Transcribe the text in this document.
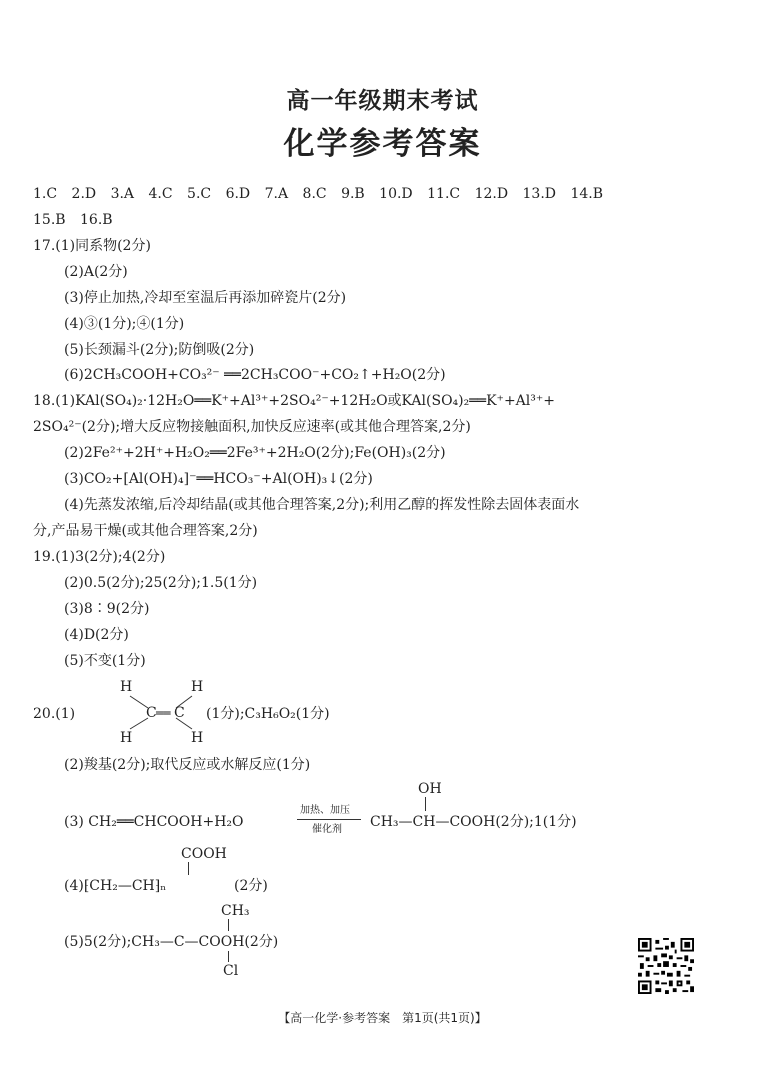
高一年级期末考试
化学参考答案
1.C 2.D 3.A 4.C 5.C 6.D 7.A 8.C 9.B 10.D 11.C 12.D 13.D 14.B
15.B 16.B
17.(1)同系物(2分)
(2)A(2分)
(3)停止加热,冷却至室温后再添加碎瓷片(2分)
(4)③(1分);④(1分)
(5)长颈漏斗(2分);防倒吸(2分)
(6)2CH₃COOH+CO₃²⁻ ══2CH₃COO⁻+CO₂↑+H₂O(2分)
18.(1)KAl(SO₄)₂·12H₂O══K⁺+Al³⁺+2SO₄²⁻+12H₂O或KAl(SO₄)₂══K⁺+Al³⁺+
2SO₄²⁻(2分);增大反应物接触面积,加快反应速率(或其他合理答案,2分)
(2)2Fe²⁺+2H⁺+H₂O₂══2Fe³⁺+2H₂O(2分);Fe(OH)₃(2分)
(3)CO₂+[Al(OH)₄]⁻══HCO₃⁻+Al(OH)₃↓(2分)
(4)先蒸发浓缩,后冷却结晶(或其他合理答案,2分);利用乙醇的挥发性除去固体表面水
分,产品易干燥(或其他合理答案,2分)
19.(1)3(2分);4(2分)
(2)0.5(2分);25(2分);1.5(1分)
(3)8∶9(2分)
(4)D(2分)
(5)不变(1分)
20.(1)
H	H
C ══ C
H	H
(1分);C₃H₆O₂(1分)
(2)羧基(2分);取代反应或水解反应(1分)
OH
(3) CH₂══CHCOOH+H₂O
加热、加压
催化剂 CH₃—CH—COOH(2分);1(1分)
COOH
(4)⁅CH₂—CH⁆ₙ	(2分)
CH₃
(5)5(2分);CH₃—C—COOH(2分)
Cl
【高一化学·参考答案　第1页(共1页)】
